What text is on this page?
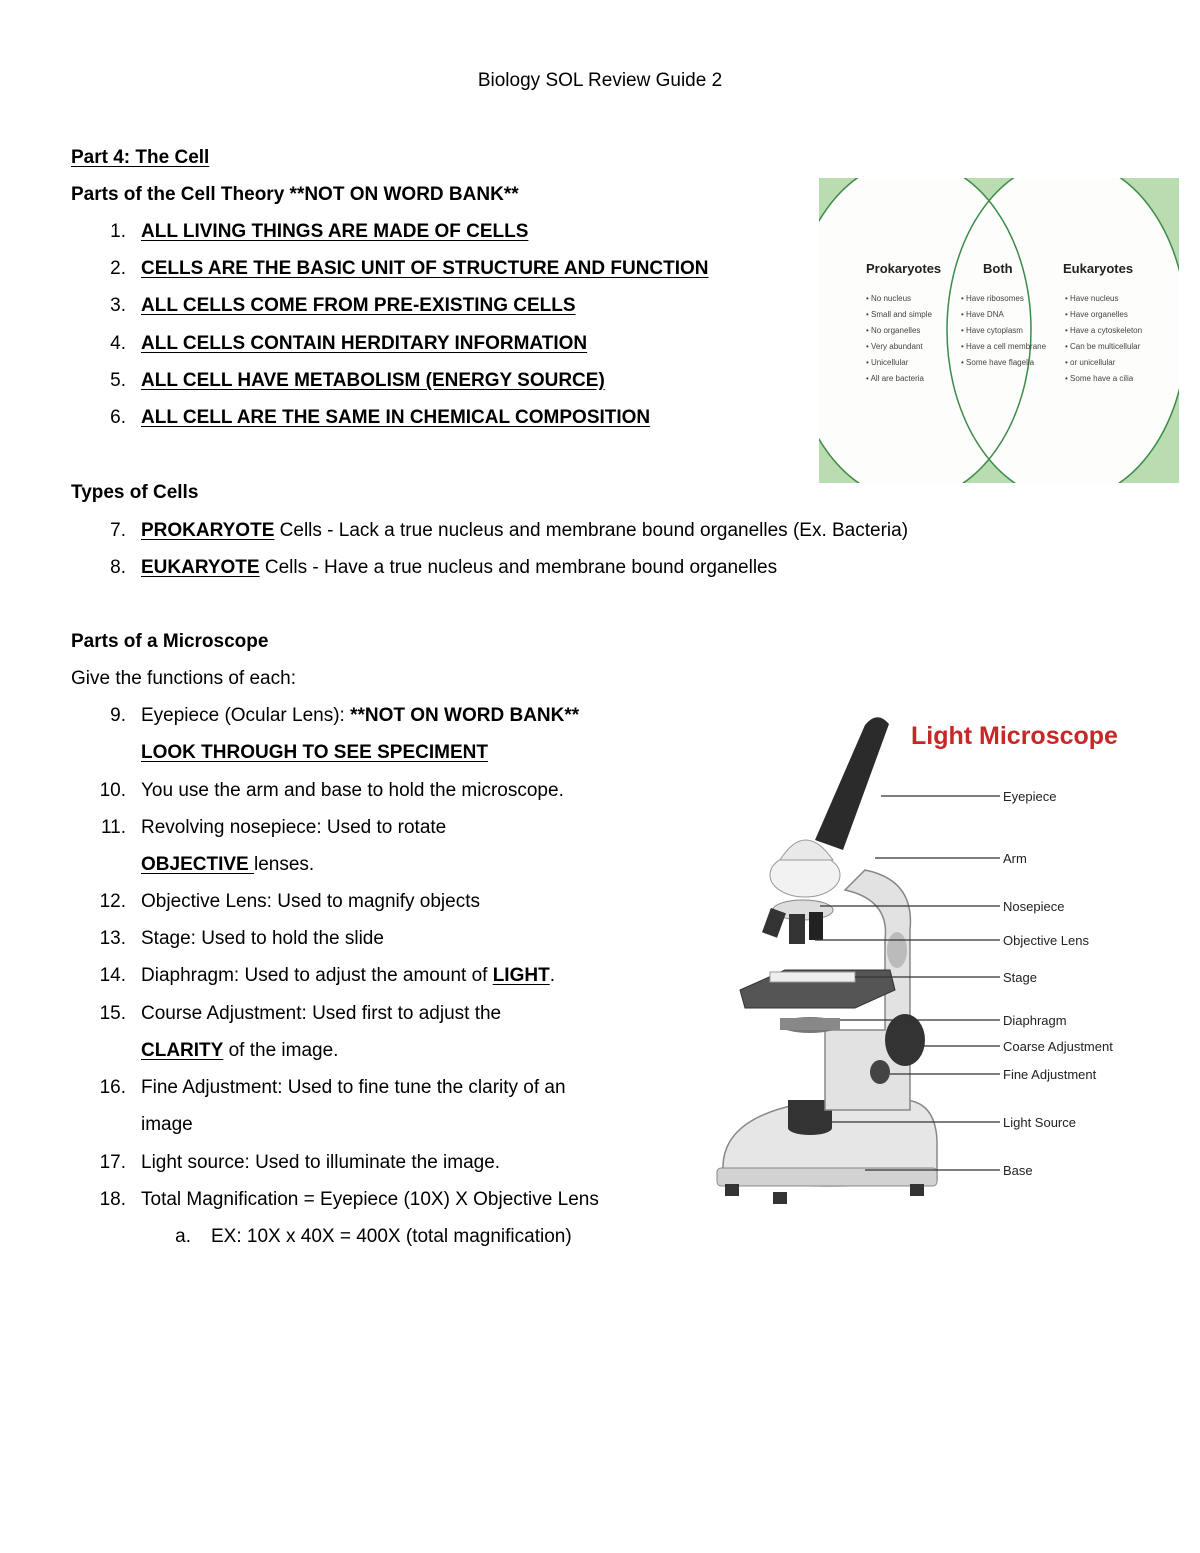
Biology SOL Review Guide 2
Part 4: The Cell
Parts of the Cell Theory **NOT ON WORD BANK**
1. ALL LIVING THINGS ARE MADE OF CELLS
2. CELLS ARE THE BASIC UNIT OF STRUCTURE AND FUNCTION
3. ALL CELLS COME FROM PRE-EXISTING CELLS
4. ALL CELLS CONTAIN HERDITARY INFORMATION
5. ALL CELL HAVE METABOLISM (ENERGY SOURCE)
6. ALL CELL ARE THE SAME IN CHEMICAL COMPOSITION
Prokaryotes	Both	Eukaryotes
• No nucleus
• Small and simple
• No organelles
• Very abundant
• Unicellular
• All are bacteria
• Have ribosomes
• Have DNA
• Have cytoplasm
• Have a cell membrane
• Some have flagella
• Have nucleus
• Have organelles
• Have a cytoskeleton
• Can be multicellular
• or unicellular
• Some have a cilia
Types of Cells
7. PROKARYOTE Cells - Lack a true nucleus and membrane bound organelles (Ex. Bacteria)
8. EUKARYOTE Cells - Have a true nucleus and membrane bound organelles
Parts of a Microscope
Give the functions of each:
9. Eyepiece (Ocular Lens): **NOT ON WORD BANK**
LOOK THROUGH TO SEE SPECIMENT
10. You use the arm and base to hold the microscope.
11. Revolving nosepiece: Used to rotate
OBJECTIVE lenses.
12. Objective Lens: Used to magnify objects
13. Stage: Used to hold the slide
14. Diaphragm: Used to adjust the amount of LIGHT.
15. Course Adjustment: Used first to adjust the
CLARITY of the image.
16. Fine Adjustment: Used to fine tune the clarity of an
image
17. Light source: Used to illuminate the image.
18. Total Magnification = Eyepiece (10X) X Objective Lens
a. EX: 10X x 40X = 400X (total magnification)
Light Microscope
Eyepiece
Arm
Nosepiece
Objective Lens
Stage
Diaphragm
Coarse Adjustment
Fine Adjustment
Light Source
Base
